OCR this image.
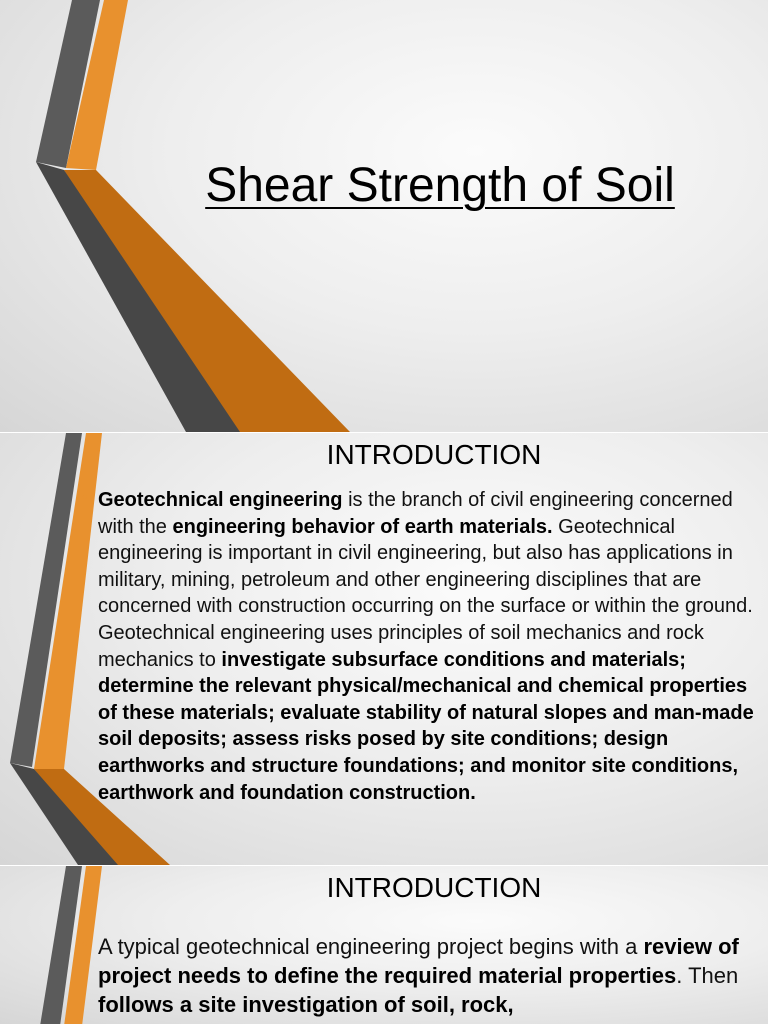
Shear Strength of Soil
INTRODUCTION
• Geotechnical engineering is the branch of civil engineering concerned with the engineering behavior of earth materials. Geotechnical engineering is important in civil engineering, but also has applications in military, mining, petroleum and other engineering disciplines that are concerned with construction occurring on the surface or within the ground. Geotechnical engineering uses principles of soil mechanics and rock mechanics to investigate subsurface conditions and materials; determine the relevant physical/mechanical and chemical properties of these materials; evaluate stability of natural slopes and man-made soil deposits; assess risks posed by site conditions; design earthworks and structure foundations; and monitor site conditions, earthwork and foundation construction.
INTRODUCTION
• A typical geotechnical engineering project begins with a review of project needs to define the required material properties. Then follows a site investigation of soil, rock,
